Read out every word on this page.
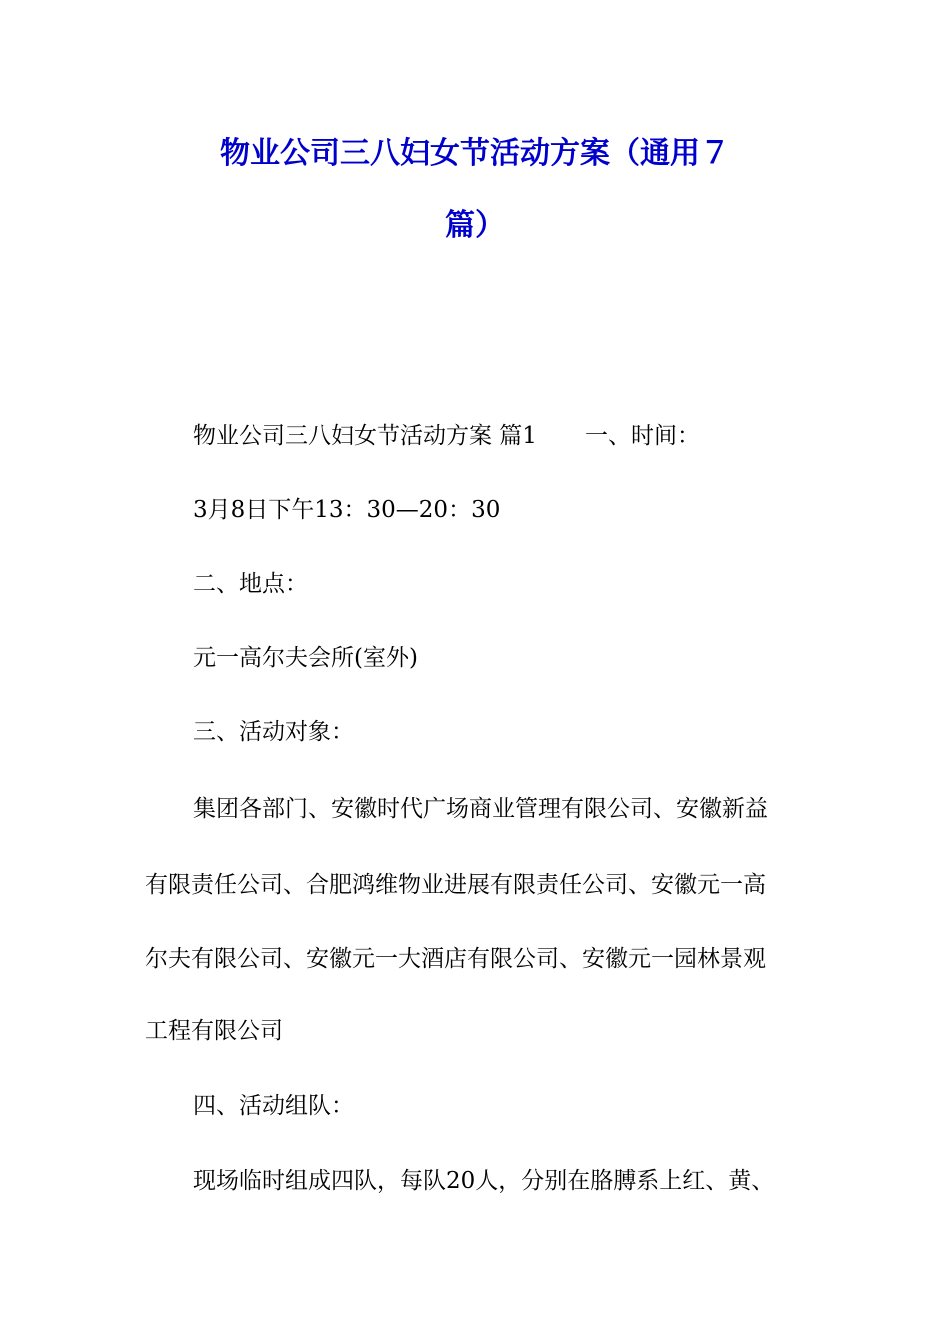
物业公司三八妇女节活动方案（通用７
篇）
物业公司三八妇女节活动方案 篇1 一、时间：
3月8日下午13：30—20：30
二、地点：
元一高尔夫会所(室外)
三、活动对象：
集团各部门、安徽时代广场商业管理有限公司、安徽新益
有限责任公司、合肥鸿维物业进展有限责任公司、安徽元一高
尔夫有限公司、安徽元一大酒店有限公司、安徽元一园林景观
工程有限公司
四、活动组队：
现场临时组成四队，每队20人，分别在胳膊系上红、黄、
